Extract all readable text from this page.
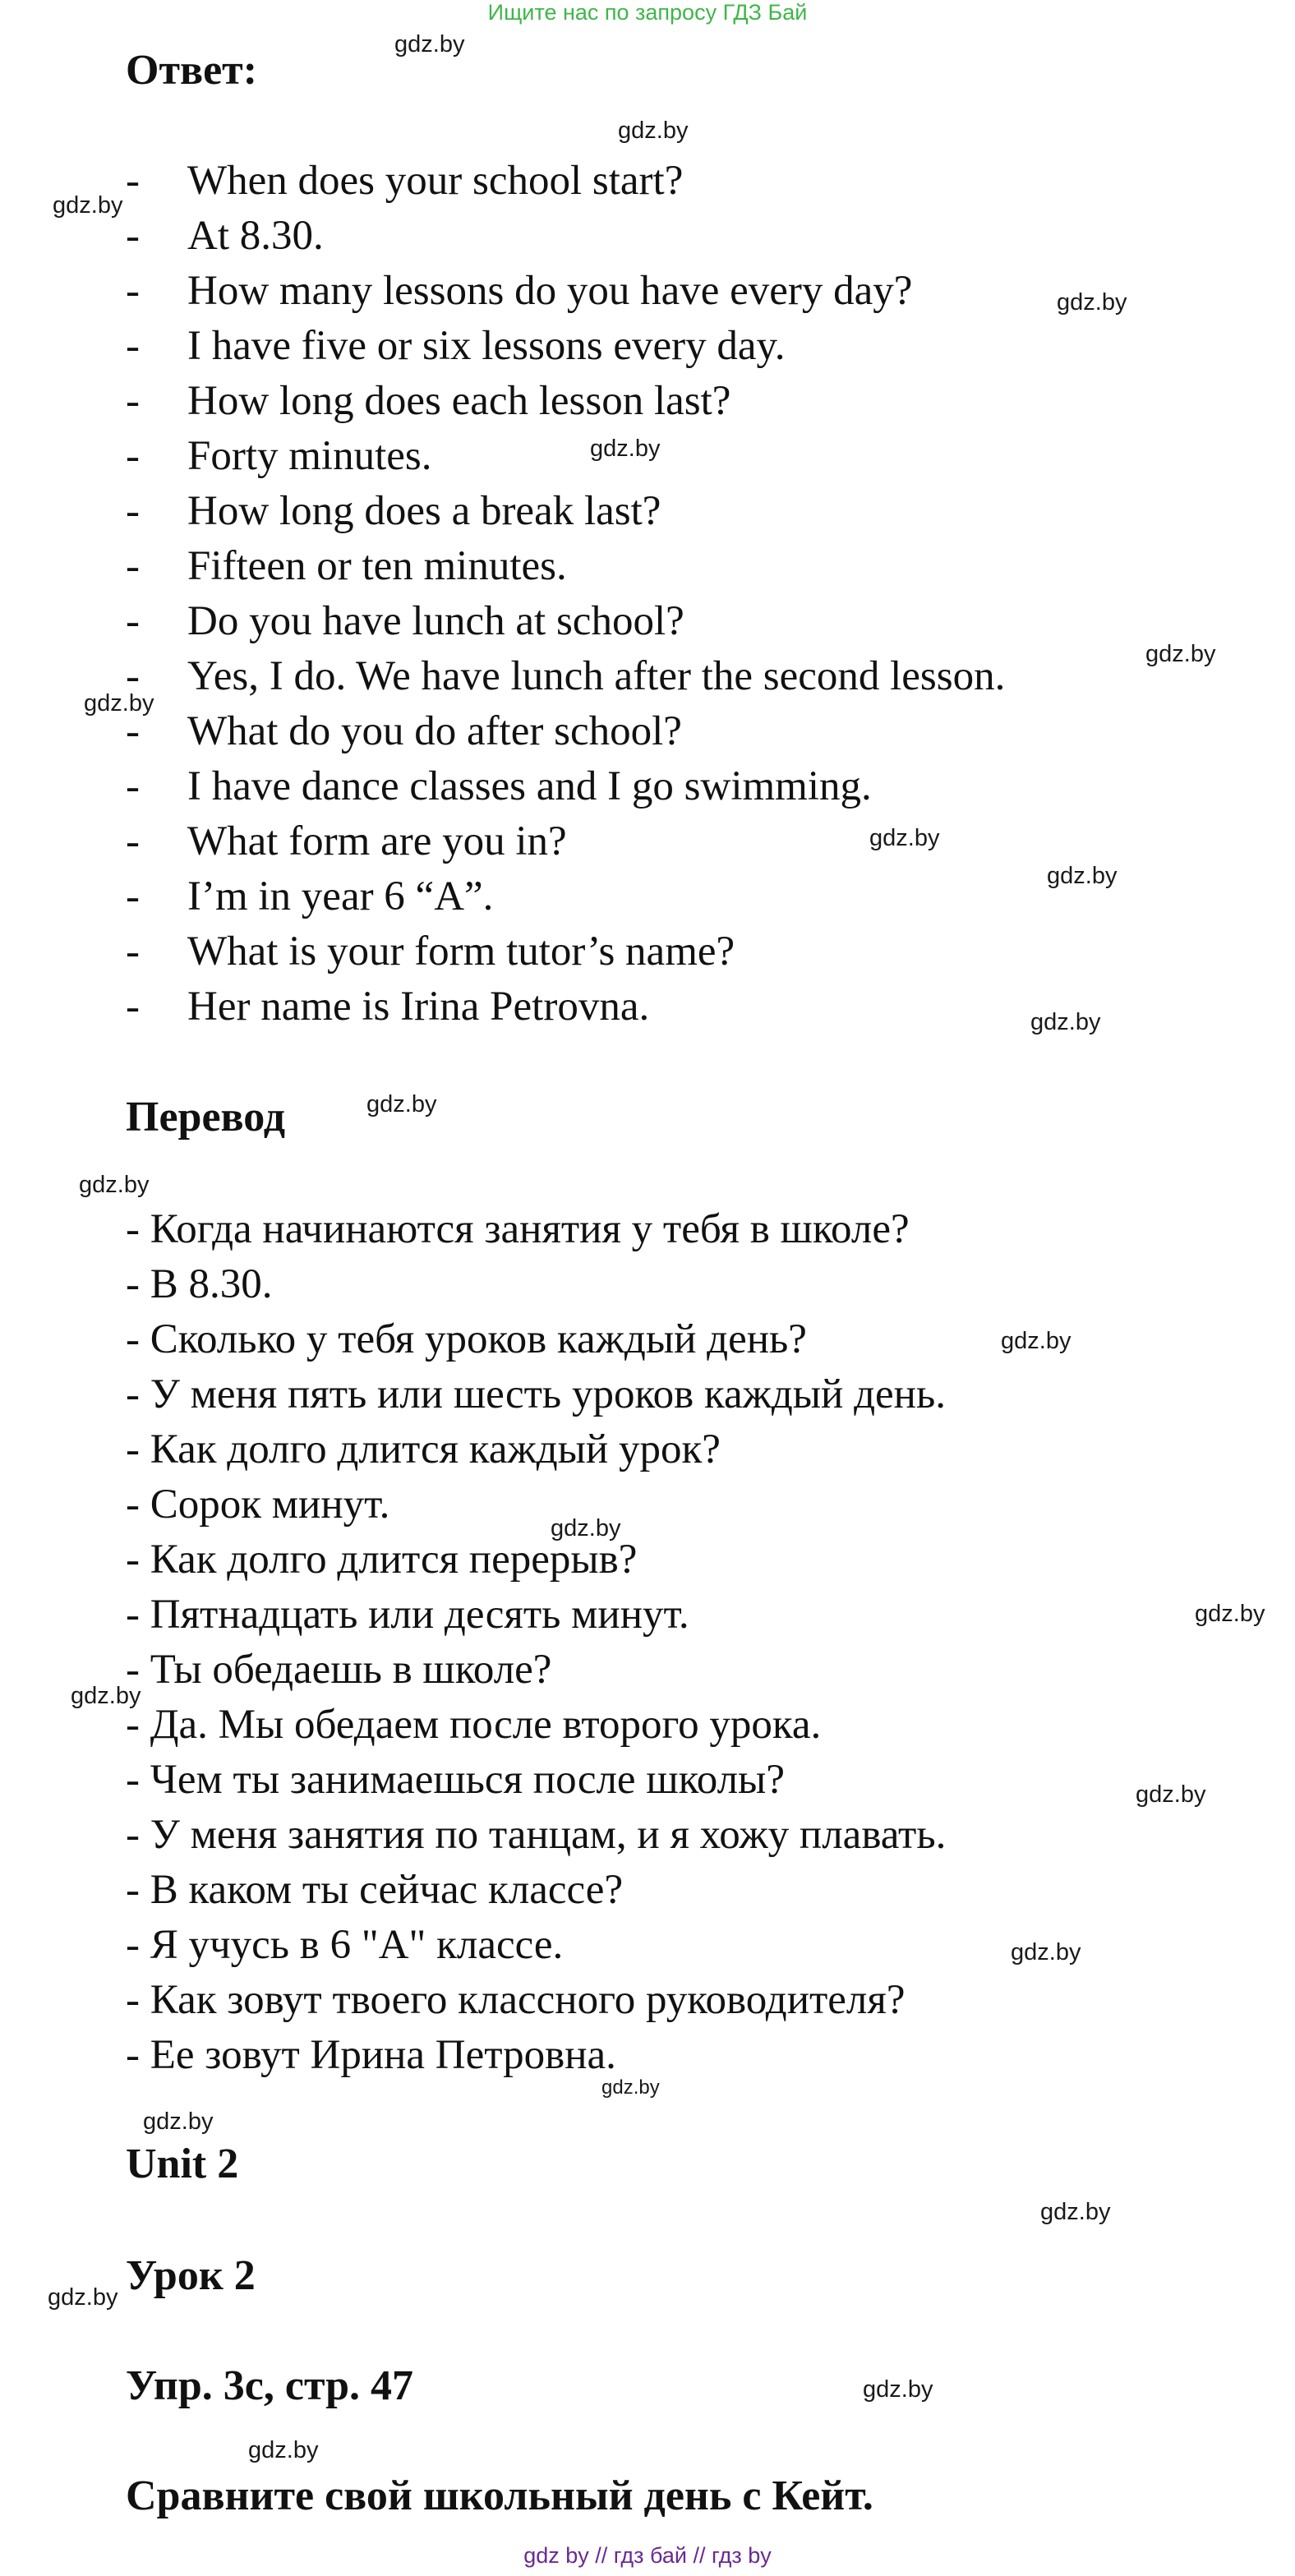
Ищите нас по запросу ГДЗ Бай
Ответ:
- When does your school start?
- At 8.30.
- How many lessons do you have every day?
- I have five or six lessons every day.
- How long does each lesson last?
- Forty minutes.
- How long does a break last?
- Fifteen or ten minutes.
- Do you have lunch at school?
- Yes, I do. We have lunch after the second lesson.
- What do you do after school?
- I have dance classes and I go swimming.
- What form are you in?
- I’m in year 6 “A”.
- What is your form tutor’s name?
- Her name is Irina Petrovna.
Перевод
- Когда начинаются занятия у тебя в школе?
- В 8.30.
- Сколько у тебя уроков каждый день?
- У меня пять или шесть уроков каждый день.
- Как долго длится каждый урок?
- Сорок минут.
- Как долго длится перерыв?
- Пятнадцать или десять минут.
- Ты обедаешь в школе?
- Да. Мы обедаем после второго урока.
- Чем ты занимаешься после школы?
- У меня занятия по танцам, и я хожу плавать.
- В каком ты сейчас классе?
- Я учусь в 6 "А" классе.
- Как зовут твоего классного руководителя?
- Ее зовут Ирина Петровна.
Unit 2
Урок 2
Упр. 3с, стр. 47
Сравните свой школьный день с Кейт.
gdz.by
gdz.by
gdz.by
gdz.by
gdz.by
gdz.by
gdz.by
gdz.by
gdz.by
gdz.by
gdz.by
gdz.by
gdz.by
gdz.by
gdz.by
gdz.by
gdz.by
gdz.by
gdz.by
gdz.by
gdz.by
gdz.by
gdz.by
gdz.by
gdz by // гдз бай // гдз by
